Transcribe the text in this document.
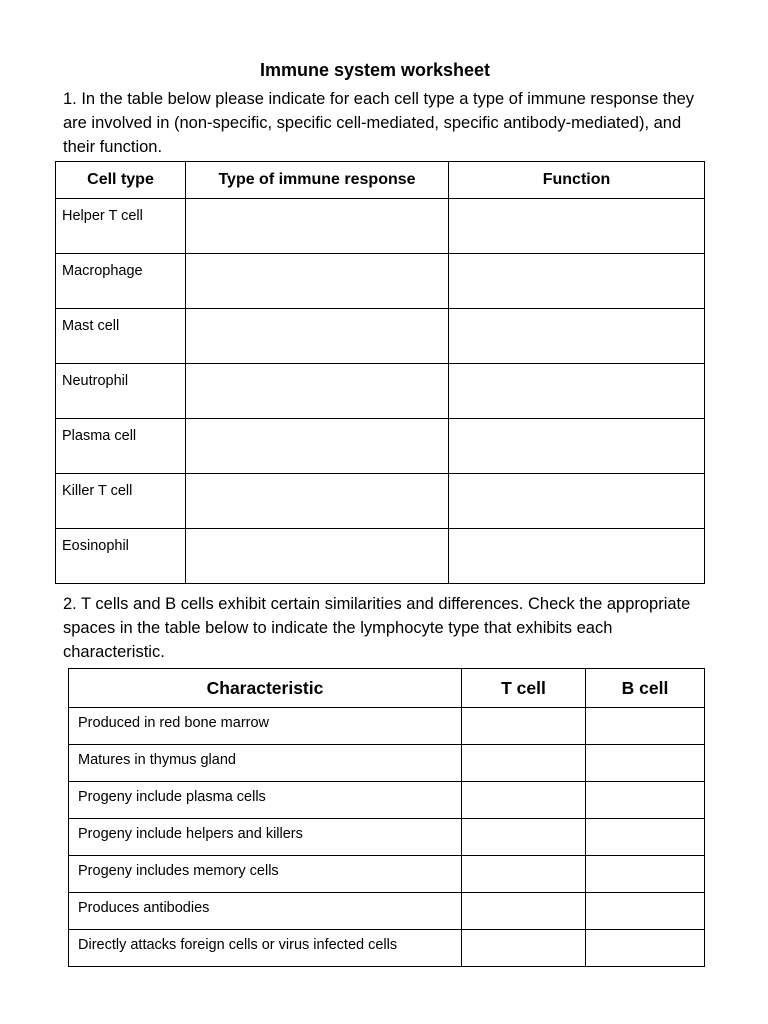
Immune system worksheet
1. In the table below please indicate for each cell type a type of immune response they are involved in (non-specific, specific cell-mediated, specific antibody-mediated), and their function.
Cell type	Type of immune response	Function
Helper T cell		
Macrophage		
Mast cell		
Neutrophil		
Plasma cell		
Killer T cell		
Eosinophil		
2. T cells and B cells exhibit certain similarities and differences. Check the appropriate spaces in the table below to indicate the lymphocyte type that exhibits each characteristic.
Characteristic	T cell	B cell
Produced in red bone marrow		
Matures in thymus gland		
Progeny include plasma cells		
Progeny include helpers and killers		
Progeny includes memory cells		
Produces antibodies		
Directly attacks foreign cells or virus infected cells		
